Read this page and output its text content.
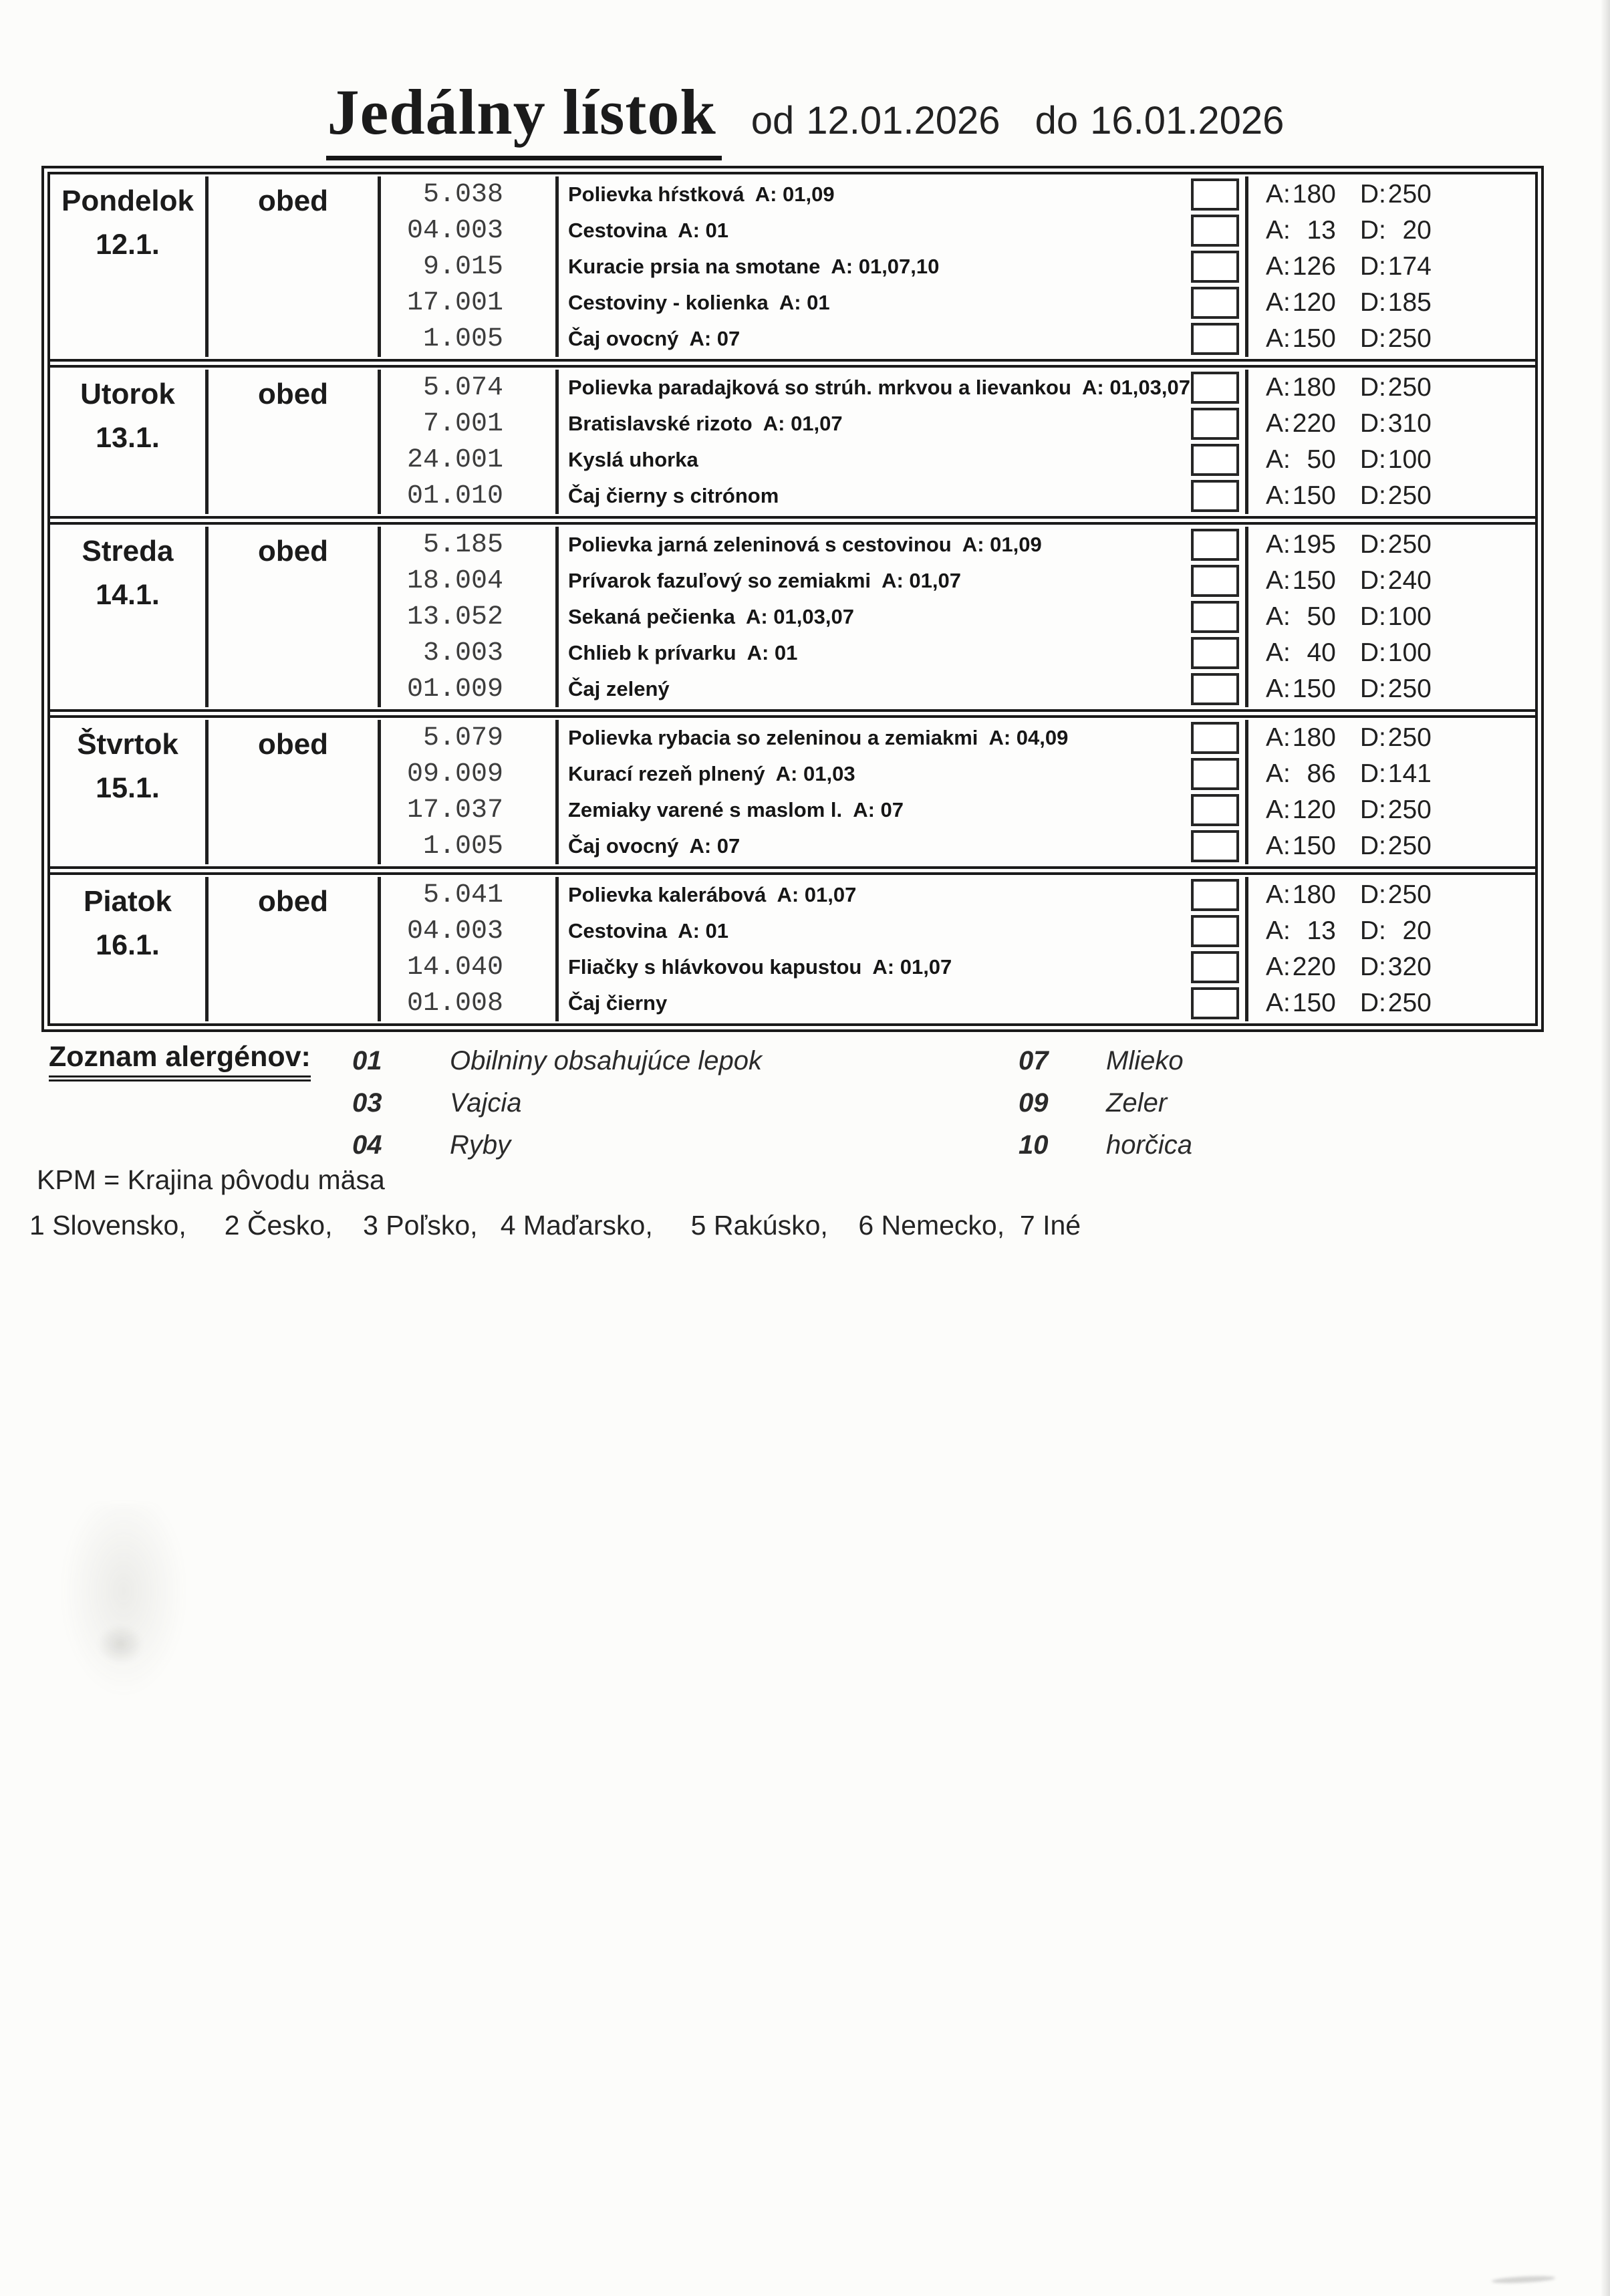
Jedálny lístok od 12.01.2026 do 16.01.2026
Pondelok
12.1.
obed	5.038	Polievka hŕstková  A: 01,09	A: 180 D: 250
04.003	Cestovina  A: 01	A: 13 D: 20
9.015	Kuracie prsia na smotane  A: 01,07,10	A: 126 D: 174
17.001	Cestoviny - kolienka  A: 01	A: 120 D: 185
1.005	Čaj ovocný  A: 07	A: 150 D: 250
Utorok
13.1.
obed	5.074	Polievka paradajková so strúh. mrkvou a lievankou  A: 01,03,07	A: 180 D: 250
7.001	Bratislavské rizoto  A: 01,07	A: 220 D: 310
24.001	Kyslá uhorka	A: 50 D: 100
01.010	Čaj čierny s citrónom	A: 150 D: 250
Streda
14.1.
obed	5.185	Polievka jarná zeleninová s cestovinou  A: 01,09	A: 195 D: 250
18.004	Prívarok fazuľový so zemiakmi  A: 01,07	A: 150 D: 240
13.052	Sekaná pečienka  A: 01,03,07	A: 50 D: 100
3.003	Chlieb k prívarku  A: 01	A: 40 D: 100
01.009	Čaj zelený	A: 150 D: 250
Štvrtok
15.1.
obed	5.079	Polievka rybacia so zeleninou a zemiakmi  A: 04,09	A: 180 D: 250
09.009	Kurací rezeň plnený  A: 01,03	A: 86 D: 141
17.037	Zemiaky varené s maslom l.  A: 07	A: 120 D: 250
1.005	Čaj ovocný  A: 07	A: 150 D: 250
Piatok
16.1.
obed	5.041	Polievka kalerábová  A: 01,07	A: 180 D: 250
04.003	Cestovina  A: 01	A: 13 D: 20
14.040	Fliačky s hlávkovou kapustou  A: 01,07	A: 220 D: 320
01.008	Čaj čierny	A: 150 D: 250
Zoznam alergénov: 01	Obilniny obsahujúce lepok	07	Mlieko
03	Vajcia	09	Zeler
04	Ryby	10	horčica
KPM = Krajina pôvodu mäsa
1 Slovensko,     2 Česko,    3 Poľsko,   4 Maďarsko,     5 Rakúsko,    6 Nemecko,  7 Iné
